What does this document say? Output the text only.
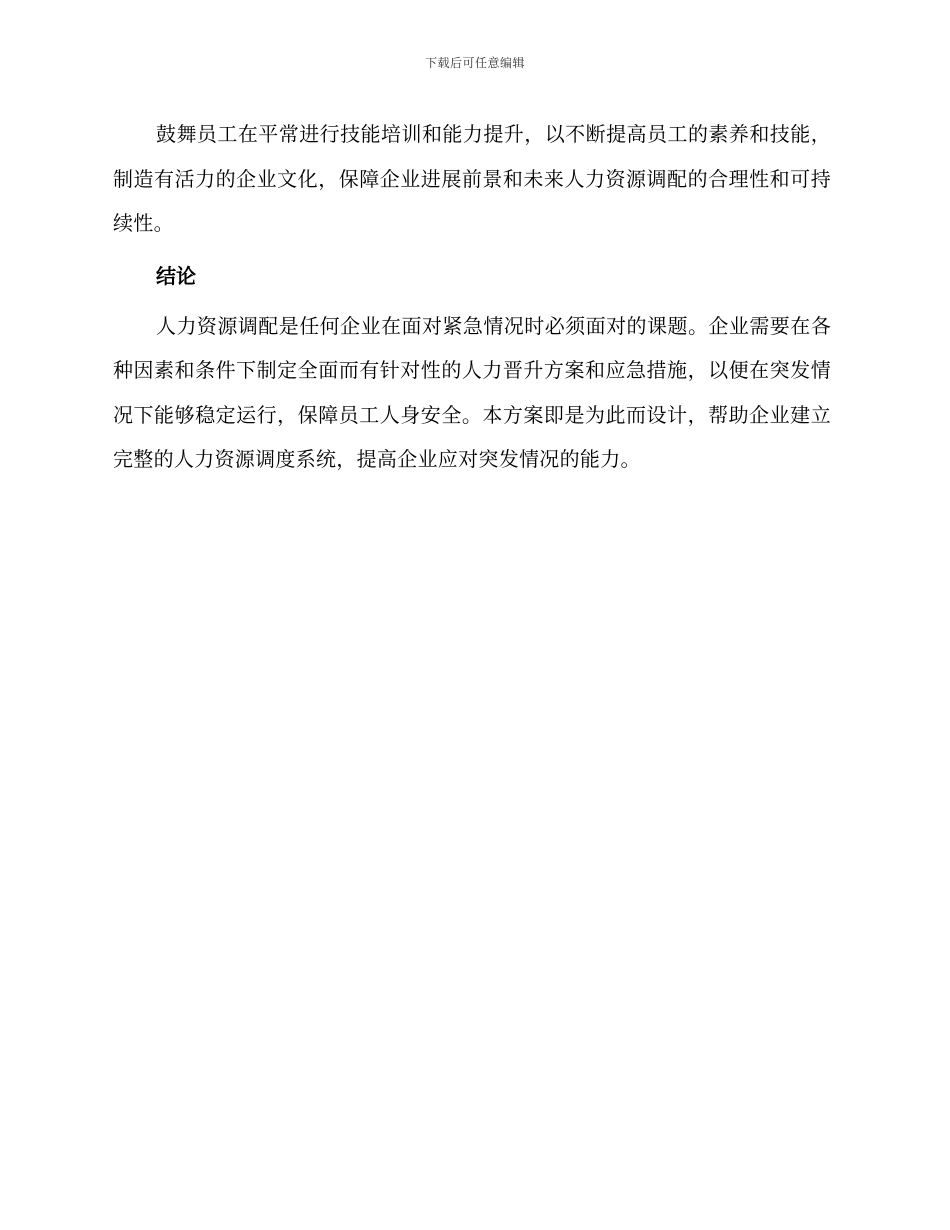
下载后可任意编辑

鼓舞员工在平常进行技能培训和能力提升，以不断提高员工的素养和技能，制造有活力的企业文化，保障企业进展前景和未来人力资源调配的合理性和可持续性。

结论

人力资源调配是任何企业在面对紧急情况时必须面对的课题。企业需要在各种因素和条件下制定全面而有针对性的人力晋升方案和应急措施，以便在突发情况下能够稳定运行，保障员工人身安全。本方案即是为此而设计，帮助企业建立完整的人力资源调度系统，提高企业应对突发情况的能力。
